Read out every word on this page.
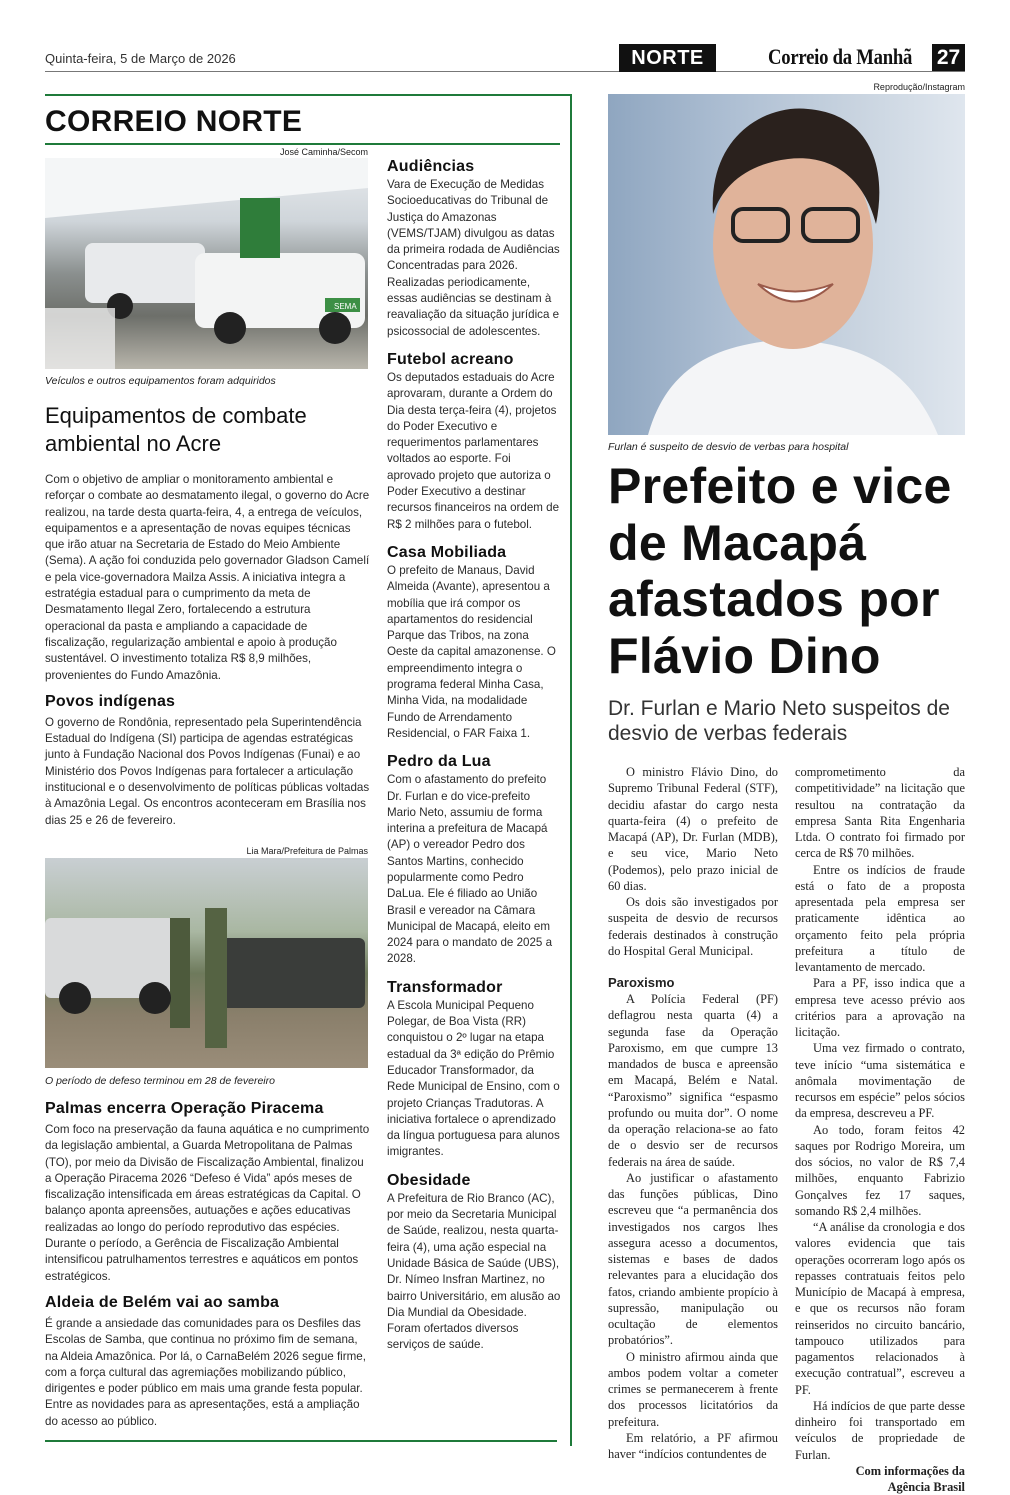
Quinta-feira, 5 de Março de 2026	NORTE	Correio da Manhã 27
CORREIO NORTE
José Caminha/Secom
SEMA
Veículos e outros equipamentos foram adquiridos
Equipamentos de combate ambiental no Acre

Com o objetivo de ampliar o monitoramento ambiental e reforçar o combate ao desmatamento ilegal, o governo do Acre realizou, na tarde desta quarta-feira, 4, a entrega de veículos, equipamentos e a apresentação de novas equipes técnicas que irão atuar na Secretaria de Estado do Meio Ambiente (Sema). A ação foi conduzida pelo governador Gladson Camelí e pela vice-governadora Mailza Assis. A iniciativa integra a estratégia estadual para o cumprimento da meta de Desmatamento Ilegal Zero, fortalecendo a estrutura operacional da pasta e ampliando a capacidade de fiscalização, regularização ambiental e apoio à produção sustentável. O investimento totaliza R$ 8,9 milhões, provenientes do Fundo Amazônia.

Povos indígenas

O governo de Rondônia, representado pela Superintendência Estadual do Indígena (SI) participa de agendas estratégicas junto à Fundação Nacional dos Povos Indígenas (Funai) e ao Ministério dos Povos Indígenas para fortalecer a articulação institucional e o desenvolvimento de políticas públicas voltadas à Amazônia Legal. Os encontros aconteceram em Brasília nos dias 25 e 26 de fevereiro.

Lia Mara/Prefeitura de Palmas
O período de defeso terminou em 28 de fevereiro
Palmas encerra Operação Piracema

Com foco na preservação da fauna aquática e no cumprimento da legislação ambiental, a Guarda Metropolitana de Palmas (TO), por meio da Divisão de Fiscalização Ambiental, finalizou a Operação Piracema 2026 “Defeso é Vida” após meses de fiscalização intensificada em áreas estratégicas da Capital. O balanço aponta apreensões, autuações e ações educativas realizadas ao longo do período reprodutivo das espécies. Durante o período, a Gerência de Fiscalização Ambiental intensificou patrulhamentos terrestres e aquáticos em pontos estratégicos.

Aldeia de Belém vai ao samba

É grande a ansiedade das comunidades para os Desfiles das Escolas de Samba, que continua no próximo fim de semana, na Aldeia Amazônica. Por lá, o CarnaBelém 2026 segue firme, com a força cultural das agremiações mobilizando público, dirigentes e poder público em mais uma grande festa popular. Entre as novidades para as apresentações, está a ampliação do acesso ao público.

Audiências

Vara de Execução de Medidas Socioeducativas do Tribunal de Justiça do Amazonas (VEMS/TJAM) divulgou as datas da primeira rodada de Audiências Concentradas para 2026. Realizadas periodicamente, essas audiências se destinam à reavaliação da situação jurídica e psicossocial de adolescentes.

Futebol acreano

Os deputados estaduais do Acre aprovaram, durante a Ordem do Dia desta terça-feira (4), projetos do Poder Executivo e requerimentos parlamentares voltados ao esporte. Foi aprovado projeto que autoriza o Poder Executivo a destinar recursos financeiros na ordem de R$ 2 milhões para o futebol.

Casa Mobiliada

O prefeito de Manaus, David Almeida (Avante), apresentou a mobília que irá compor os apartamentos do residencial Parque das Tribos, na zona Oeste da capital amazonense. O empreendimento integra o programa federal Minha Casa, Minha Vida, na modalidade Fundo de Arrendamento Residencial, o FAR Faixa 1.

Pedro da Lua

Com o afastamento do prefeito Dr. Furlan e do vice-prefeito Mario Neto, assumiu de forma interina a prefeitura de Macapá (AP) o vereador Pedro dos Santos Martins, conhecido popularmente como Pedro DaLua. Ele é filiado ao União Brasil e vereador na Câmara Municipal de Macapá, eleito em 2024 para o mandato de 2025 a 2028.

Transformador

A Escola Municipal Pequeno Polegar, de Boa Vista (RR) conquistou o 2º lugar na etapa estadual da 3ª edição do Prêmio Educador Transformador, da Rede Municipal de Ensino, com o projeto Crianças Tradutoras. A iniciativa fortalece o aprendizado da língua portuguesa para alunos imigrantes.

Obesidade

A Prefeitura de Rio Branco (AC), por meio da Secretaria Municipal de Saúde, realizou, nesta quarta-feira (4), uma ação especial na Unidade Básica de Saúde (UBS), Dr. Nímeo Insfran Martinez, no bairro Universitário, em alusão ao Dia Mundial da Obesidade. Foram ofertados diversos serviços de saúde.

Reprodução/Instagram
Furlan é suspeito de desvio de verbas para hospital
Prefeito e vice de Macapá afastados por Flávio Dino
Dr. Furlan e Mario Neto suspeitos de desvio de verbas federais

O ministro Flávio Dino, do Supremo Tribunal Federal (STF), decidiu afastar do cargo nesta quarta-feira (4) o prefeito de Macapá (AP), Dr. Furlan (MDB), e seu vice, Mario Neto (Podemos), pelo prazo inicial de 60 dias.

Os dois são investigados por suspeita de desvio de recursos federais destinados à construção do Hospital Geral Municipal.

Paroxismo

A Polícia Federal (PF) deflagrou nesta quarta (4) a segunda fase da Operação Paroxismo, em que cumpre 13 mandados de busca e apreensão em Macapá, Belém e Natal. “Paroxismo” significa “espasmo profundo ou muita dor”. O nome da operação relaciona-se ao fato de o desvio ser de recursos federais na área de saúde.

Ao justificar o afastamento das funções públicas, Dino escreveu que “a permanência dos investigados nos cargos lhes assegura acesso a documentos, sistemas e bases de dados relevantes para a elucidação dos fatos, criando ambiente propício à supressão, manipulação ou ocultação de elementos probatórios”.

O ministro afirmou ainda que ambos podem voltar a cometer crimes se permanecerem à frente dos processos licitatórios da prefeitura.

Em relatório, a PF afirmou haver “indícios contundentes de

comprometimento da competitividade” na licitação que resultou na contratação da empresa Santa Rita Engenharia Ltda. O contrato foi firmado por cerca de R$ 70 milhões.

Entre os indícios de fraude está o fato de a proposta apresentada pela empresa ser praticamente idêntica ao orçamento feito pela própria prefeitura a título de levantamento de mercado.

Para a PF, isso indica que a empresa teve acesso prévio aos critérios para a aprovação na licitação.

Uma vez firmado o contrato, teve início “uma sistemática e anômala movimentação de recursos em espécie” pelos sócios da empresa, descreveu a PF.

Ao todo, foram feitos 42 saques por Rodrigo Moreira, um dos sócios, no valor de R$ 7,4 milhões, enquanto Fabrizio Gonçalves fez 17 saques, somando R$ 2,4 milhões.

“A análise da cronologia e dos valores evidencia que tais operações ocorreram logo após os repasses contratuais feitos pelo Município de Macapá à empresa, e que os recursos não foram reinseridos no circuito bancário, tampouco utilizados para pagamentos relacionados à execução contratual”, escreveu a PF.

Há indícios de que parte desse dinheiro foi transportado em veículos de propriedade de Furlan.

Com informações da

Agência Brasil
